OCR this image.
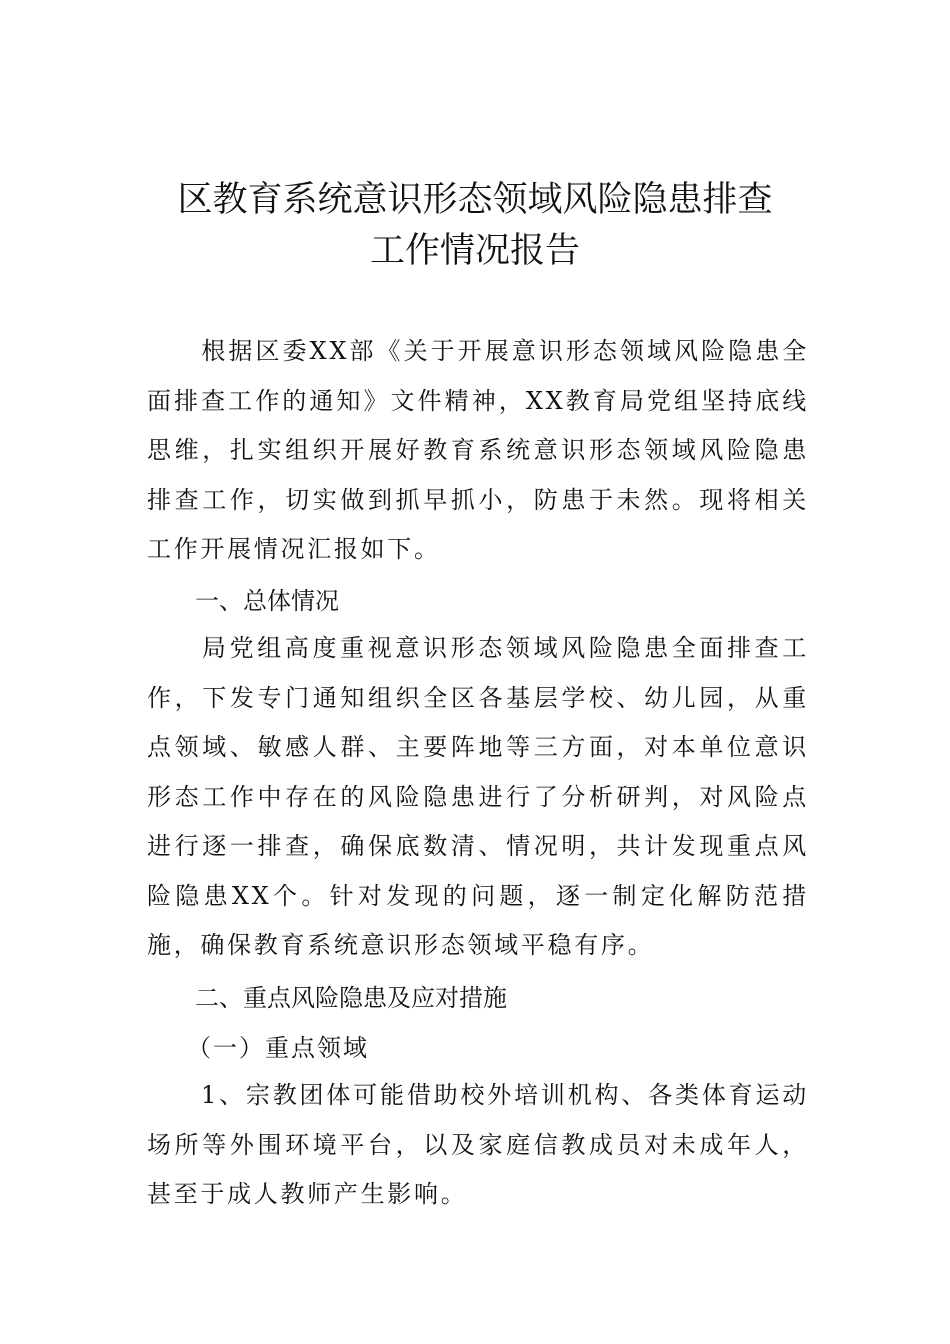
区教育系统意识形态领域风险隐患排查
工作情况报告

根据区委XX部《关于开展意识形态领域风险隐患全面排查工作的通知》文件精神，XX教育局党组坚持底线思维，扎实组织开展好教育系统意识形态领域风险隐患排查工作，切实做到抓早抓小，防患于未然。现将相关工作开展情况汇报如下。

一、总体情况

局党组高度重视意识形态领域风险隐患全面排查工作，下发专门通知组织全区各基层学校、幼儿园，从重点领域、敏感人群、主要阵地等三方面，对本单位意识形态工作中存在的风险隐患进行了分析研判，对风险点进行逐一排查，确保底数清、情况明，共计发现重点风险隐患XX个。针对发现的问题，逐一制定化解防范措施，确保教育系统意识形态领域平稳有序。

二、重点风险隐患及应对措施
（一）重点领域

1、宗教团体可能借助校外培训机构、各类体育运动场所等外围环境平台，以及家庭信教成员对未成年人，甚至于成人教师产生影响。
